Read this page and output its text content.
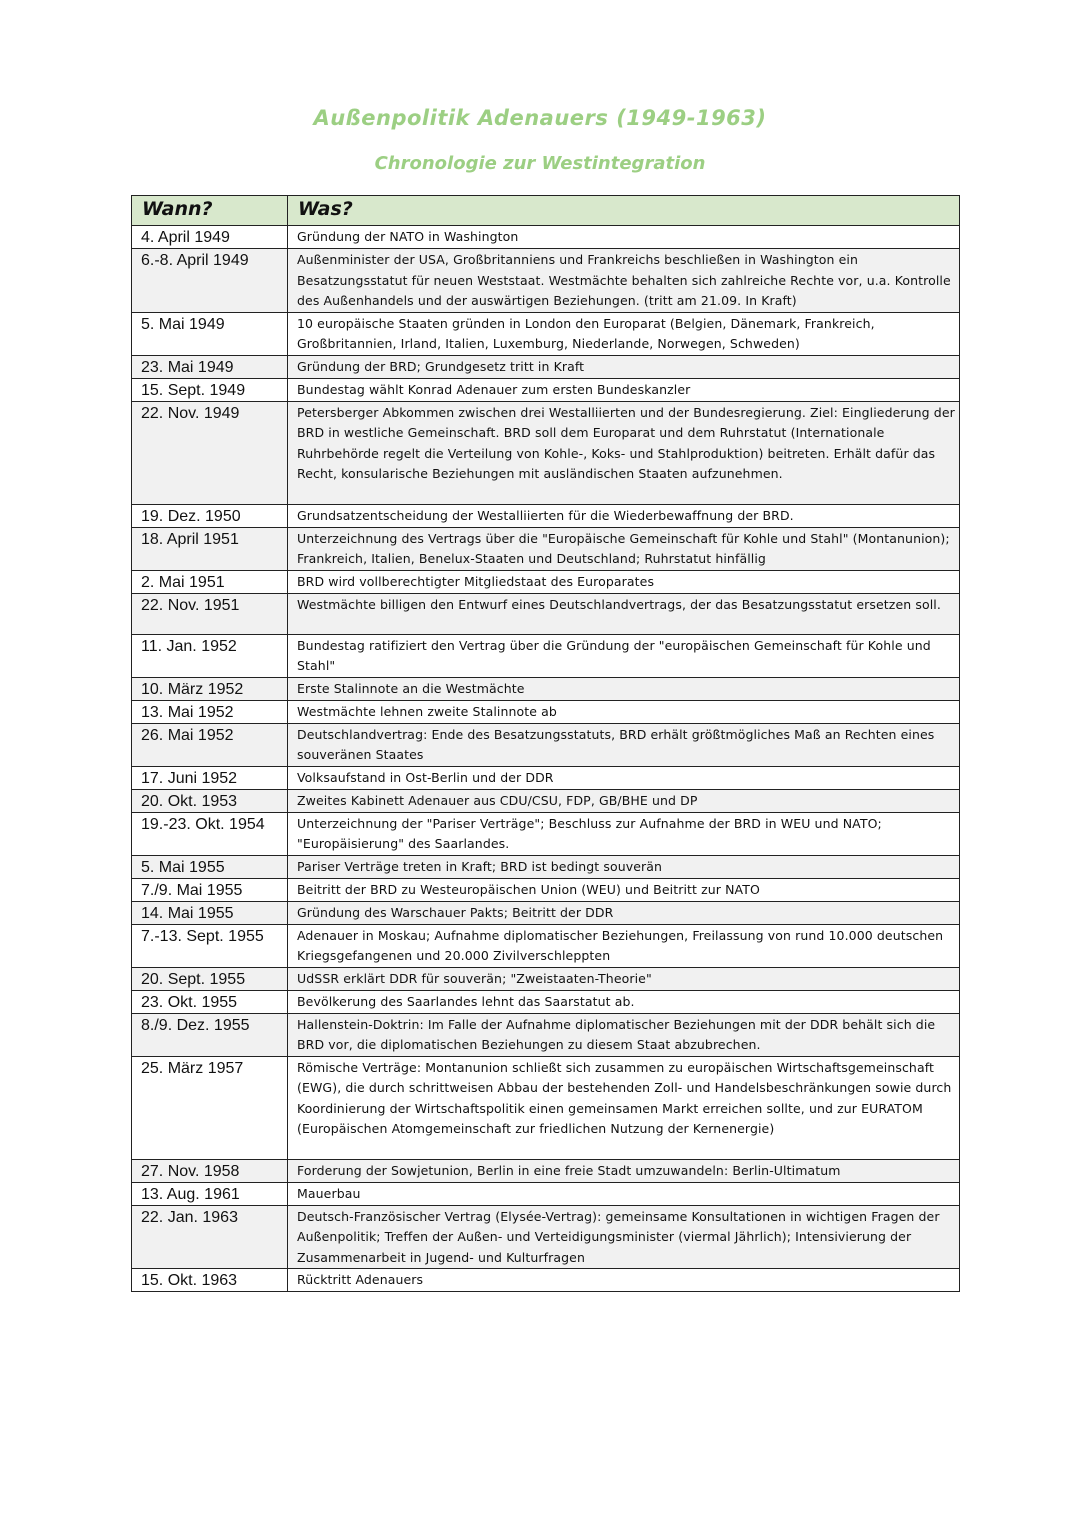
Außenpolitik Adenauers (1949-1963)
Chronologie zur Westintegration
Wann?	Was?
4. April 1949	Gründung der NATO in Washington
6.-8. April 1949	Außenminister der USA, Großbritanniens und Frankreichs beschließen in Washington ein Besatzungsstatut für neuen Weststaat. Westmächte behalten sich zahlreiche Rechte vor, u.a. Kontrolle des Außenhandels und der auswärtigen Beziehungen. (tritt am 21.09. In Kraft)
5. Mai 1949	10 europäische Staaten gründen in London den Europarat (Belgien, Dänemark, Frankreich, Großbritannien, Irland, Italien, Luxemburg, Niederlande, Norwegen, Schweden)
23. Mai 1949	Gründung der BRD; Grundgesetz tritt in Kraft
15. Sept. 1949	Bundestag wählt Konrad Adenauer zum ersten Bundeskanzler
22. Nov. 1949	Petersberger Abkommen zwischen drei Westalliierten und der Bundesregierung. Ziel: Eingliederung der BRD in westliche Gemeinschaft. BRD soll dem Europarat und dem Ruhrstatut (Internationale Ruhrbehörde regelt die Verteilung von Kohle-, Koks- und Stahlproduktion) beitreten. Erhält dafür das Recht, konsularische Beziehungen mit ausländischen Staaten aufzunehmen.
19. Dez. 1950	Grundsatzentscheidung der Westalliierten für die Wiederbewaffnung der BRD.
18. April 1951	Unterzeichnung des Vertrags über die "Europäische Gemeinschaft für Kohle und Stahl" (Montanunion); Frankreich, Italien, Benelux-Staaten und Deutschland; Ruhrstatut hinfällig
2. Mai 1951	BRD wird vollberechtigter Mitgliedstaat des Europarates
22. Nov. 1951	Westmächte billigen den Entwurf eines Deutschlandvertrags, der das Besatzungsstatut ersetzen soll.
11. Jan. 1952	Bundestag ratifiziert den Vertrag über die Gründung der "europäischen Gemeinschaft für Kohle und Stahl"
10. März 1952	Erste Stalinnote an die Westmächte
13. Mai 1952	Westmächte lehnen zweite Stalinnote ab
26. Mai 1952	Deutschlandvertrag: Ende des Besatzungsstatuts, BRD erhält größtmögliches Maß an Rechten eines souveränen Staates
17. Juni 1952	Volksaufstand in Ost-Berlin und der DDR
20. Okt. 1953	Zweites Kabinett Adenauer aus CDU/CSU, FDP, GB/BHE und DP
19.-23. Okt. 1954	Unterzeichnung der "Pariser Verträge"; Beschluss zur Aufnahme der BRD in WEU und NATO; "Europäisierung" des Saarlandes.
5. Mai 1955	Pariser Verträge treten in Kraft; BRD ist bedingt souverän
7./9. Mai 1955	Beitritt der BRD zu Westeuropäischen Union (WEU) und Beitritt zur NATO
14. Mai 1955	Gründung des Warschauer Pakts; Beitritt der DDR
7.-13. Sept. 1955	Adenauer in Moskau; Aufnahme diplomatischer Beziehungen, Freilassung von rund 10.000 deutschen Kriegsgefangenen und 20.000 Zivilverschleppten
20. Sept. 1955	UdSSR erklärt DDR für souverän; "Zweistaaten-Theorie"
23. Okt. 1955	Bevölkerung des Saarlandes lehnt das Saarstatut ab.
8./9. Dez. 1955	Hallenstein-Doktrin: Im Falle der Aufnahme diplomatischer Beziehungen mit der DDR behält sich die BRD vor, die diplomatischen Beziehungen zu diesem Staat abzubrechen.
25. März 1957	Römische Verträge: Montanunion schließt sich zusammen zu europäischen Wirtschaftsgemeinschaft (EWG), die durch schrittweisen Abbau der bestehenden Zoll- und Handelsbeschränkungen sowie durch Koordinierung der Wirtschaftspolitik einen gemeinsamen Markt erreichen sollte, und zur EURATOM (Europäischen Atomgemeinschaft zur friedlichen Nutzung der Kernenergie)
27. Nov. 1958	Forderung der Sowjetunion, Berlin in eine freie Stadt umzuwandeln: Berlin-Ultimatum
13. Aug. 1961	Mauerbau
22. Jan. 1963	Deutsch-Französischer Vertrag (Elysée-Vertrag): gemeinsame Konsultationen in wichtigen Fragen der Außenpolitik; Treffen der Außen- und Verteidigungsminister (viermal Jährlich); Intensivierung der Zusammenarbeit in Jugend- und Kulturfragen
15. Okt. 1963	Rücktritt Adenauers
